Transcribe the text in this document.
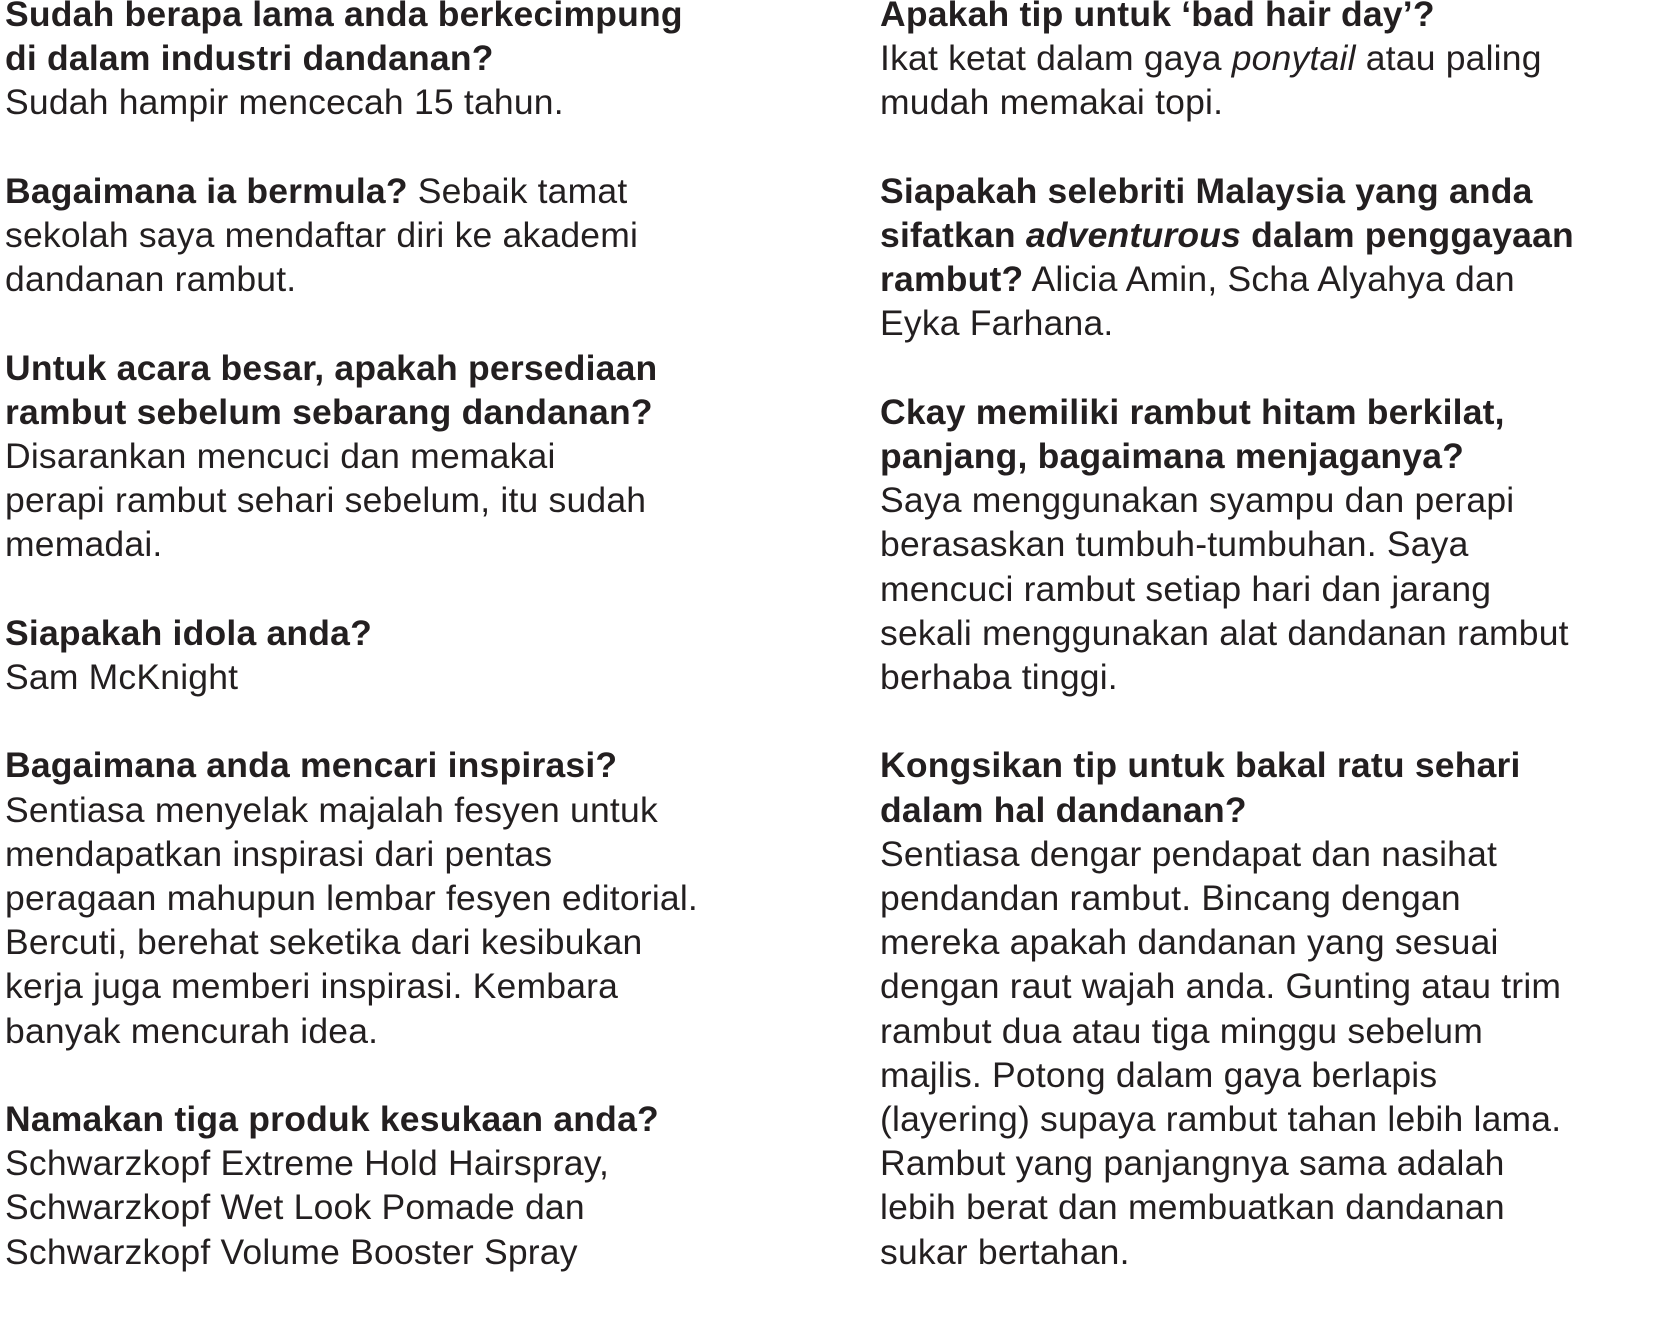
Sudah berapa lama anda berkecimpung
di dalam industri dandanan?
Sudah hampir mencecah 15 tahun.
Bagaimana ia bermula? Sebaik tamat
sekolah saya mendaftar diri ke akademi
dandanan rambut.
Untuk acara besar, apakah persediaan
rambut sebelum sebarang dandanan?
Disarankan mencuci dan memakai
perapi rambut sehari sebelum, itu sudah
memadai.
Siapakah idola anda?
Sam McKnight
Bagaimana anda mencari inspirasi?
Sentiasa menyelak majalah fesyen untuk
mendapatkan inspirasi dari pentas
peragaan mahupun lembar fesyen editorial.
Bercuti, berehat seketika dari kesibukan
kerja juga memberi inspirasi. Kembara
banyak mencurah idea.
Namakan tiga produk kesukaan anda?
Schwarzkopf Extreme Hold Hairspray,
Schwarzkopf Wet Look Pomade dan
Schwarzkopf Volume Booster Spray
Apakah tip untuk ‘bad hair day’?
Ikat ketat dalam gaya ponytail atau paling
mudah memakai topi.
Siapakah selebriti Malaysia yang anda
sifatkan adventurous dalam penggayaan
rambut? Alicia Amin, Scha Alyahya dan
Eyka Farhana.
Ckay memiliki rambut hitam berkilat,
panjang, bagaimana menjaganya?
Saya menggunakan syampu dan perapi
berasaskan tumbuh-tumbuhan. Saya
mencuci rambut setiap hari dan jarang
sekali menggunakan alat dandanan rambut
berhaba tinggi.
Kongsikan tip untuk bakal ratu sehari
dalam hal dandanan?
Sentiasa dengar pendapat dan nasihat
pendandan rambut. Bincang dengan
mereka apakah dandanan yang sesuai
dengan raut wajah anda. Gunting atau trim
rambut dua atau tiga minggu sebelum
majlis. Potong dalam gaya berlapis
(layering) supaya rambut tahan lebih lama.
Rambut yang panjangnya sama adalah
lebih berat dan membuatkan dandanan
sukar bertahan.
